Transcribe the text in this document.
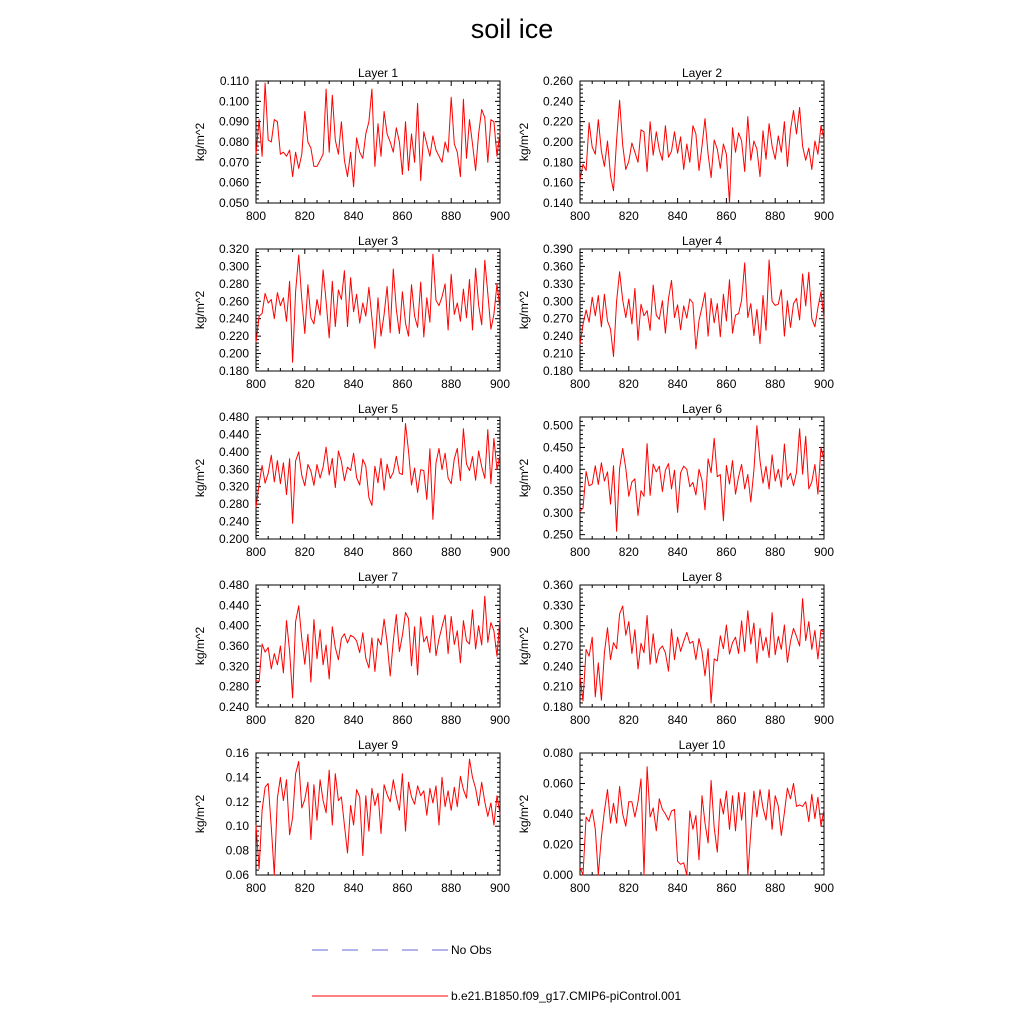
soil ice
Layer 1
kg/m^2
800 820 840 860 880 900
0.050
0.060
0.070
0.080
0.090
0.100
0.110
Layer 2
kg/m^2
800 820 840 860 880 900
0.140
0.160
0.180
0.200
0.220
0.240
0.260
Layer 3
kg/m^2
800 820 840 860 880 900
0.180
0.200
0.220
0.240
0.260
0.280
0.300
0.320
Layer 4
kg/m^2
800 820 840 860 880 900
0.180
0.210
0.240
0.270
0.300
0.330
0.360
0.390
Layer 5
kg/m^2
800 820 840 860 880 900
0.200
0.240
0.280
0.320
0.360
0.400
0.440
0.480
Layer 6
kg/m^2
800 820 840 860 880 900
0.250
0.300
0.350
0.400
0.450
0.500
Layer 7
kg/m^2
800 820 840 860 880 900
0.240
0.280
0.320
0.360
0.400
0.440
0.480
Layer 8
kg/m^2
800 820 840 860 880 900
0.180
0.210
0.240
0.270
0.300
0.330
0.360
Layer 9
kg/m^2
800 820 840 860 880 900
0.06
0.08
0.10
0.12
0.14
0.16
Layer 10
kg/m^2
800 820 840 860 880 900
0.000
0.020
0.040
0.060
0.080
No Obs
b.e21.B1850.f09_g17.CMIP6-piControl.001
